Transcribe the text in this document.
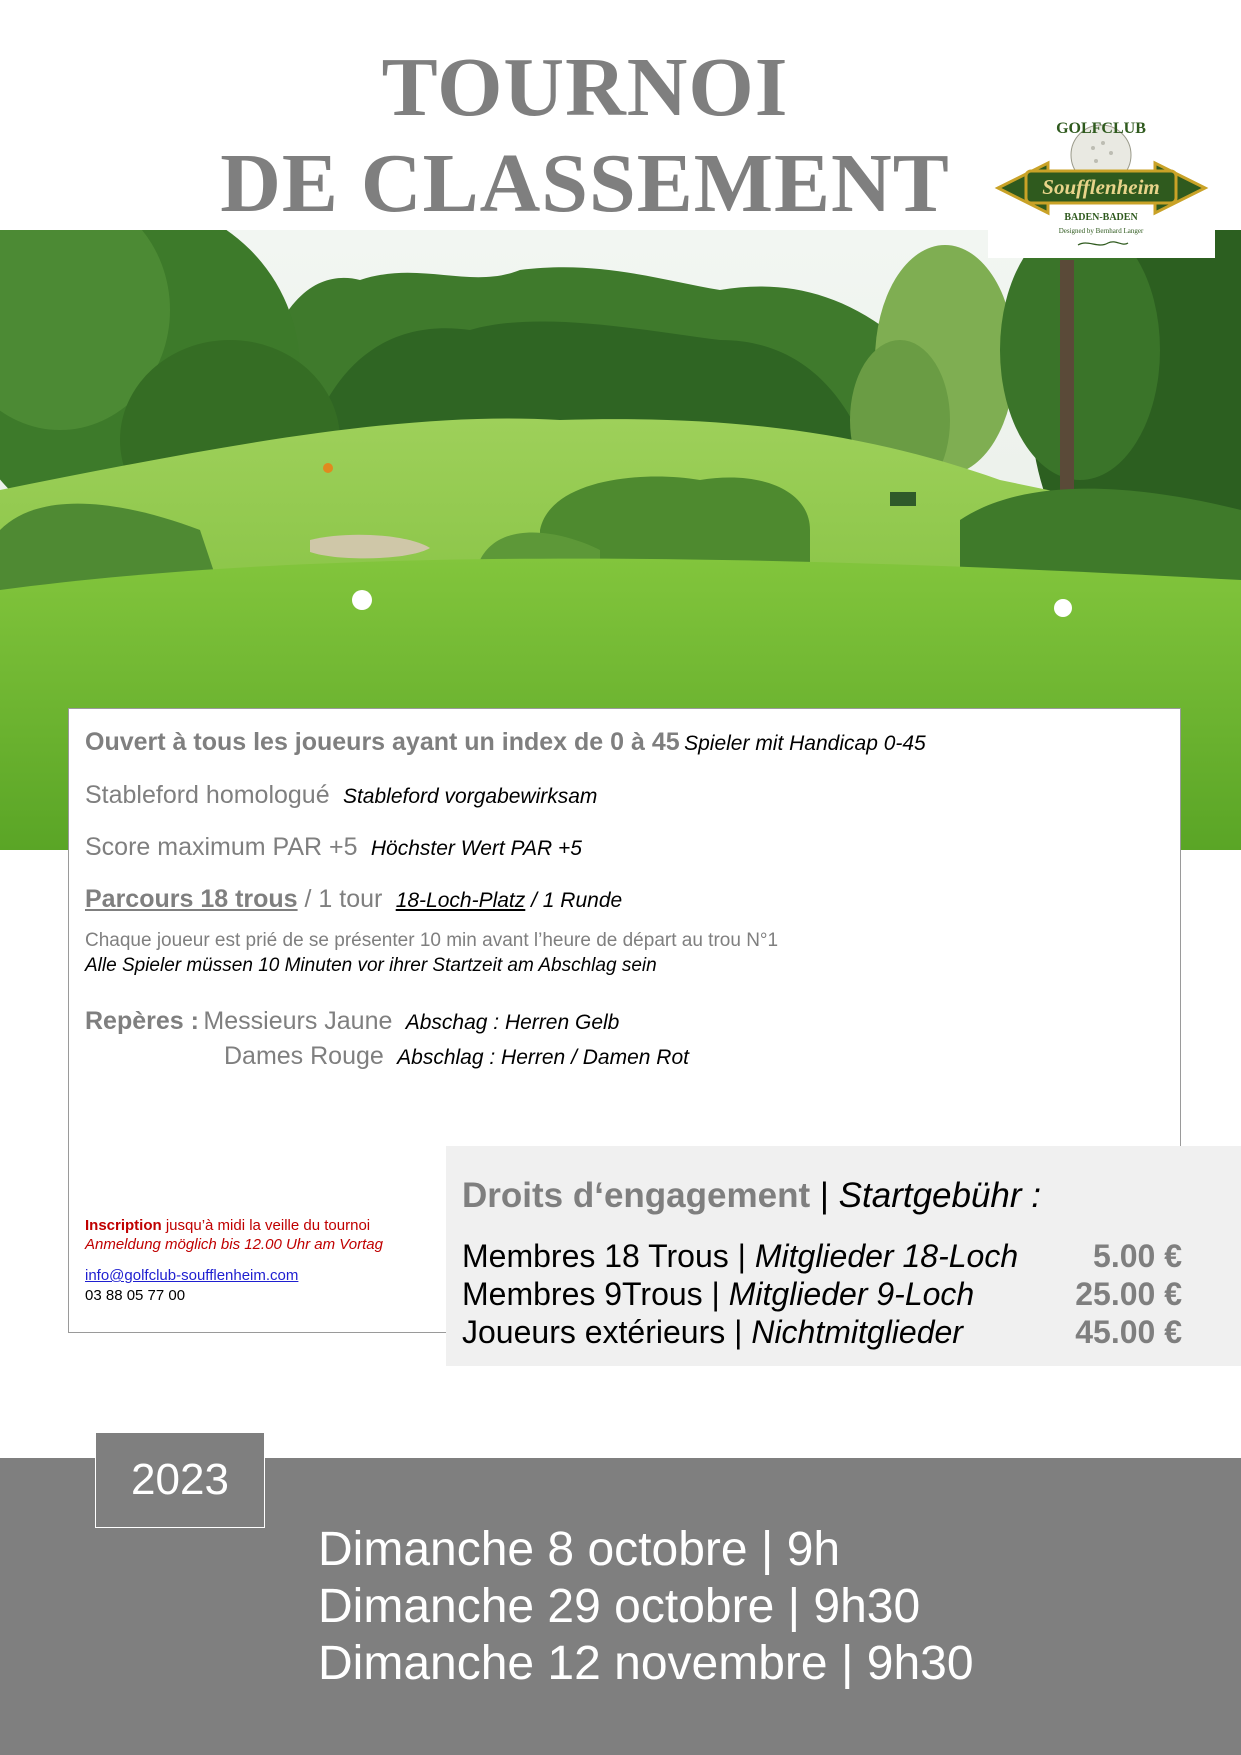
TOURNOI
DE CLASSEMENT
GOLFCLUB
Soufflenheim
BADEN-BADEN
Designed by Bernhard Langer
Ouvert à tous les joueurs ayant un index de 0 à 45 Spieler mit Handicap 0-45
Stableford homologué Stableford vorgabewirksam
Score maximum PAR +5 Höchster Wert PAR +5
Parcours 18 trous / 1 tour 18-Loch-Platz / 1 Runde
Chaque joueur est prié de se présenter 10 min avant l’heure de départ au trou N°1
Alle Spieler müssen 10 Minuten vor ihrer Startzeit am Abschlag sein
Repères : Messieurs Jaune Abschag : Herren Gelb
Dames Rouge Abschlag : Herren / Damen Rot
Inscription jusqu’à midi la veille du tournoi
Anmeldung möglich bis 12.00 Uhr am Vortag
info@golfclub-soufflenheim.com
03 88 05 77 00
Droits d‘engagement | Startgebühr :
Membres 18 Trous | Mitglieder 18-Loch 5.00 €
Membres 9Trous | Mitglieder 9-Loch	25.00 €
Joueurs extérieurs | Nichtmitglieder	45.00 €
2023
Dimanche 8 octobre | 9h
Dimanche 29 octobre | 9h30
Dimanche 12 novembre | 9h30
